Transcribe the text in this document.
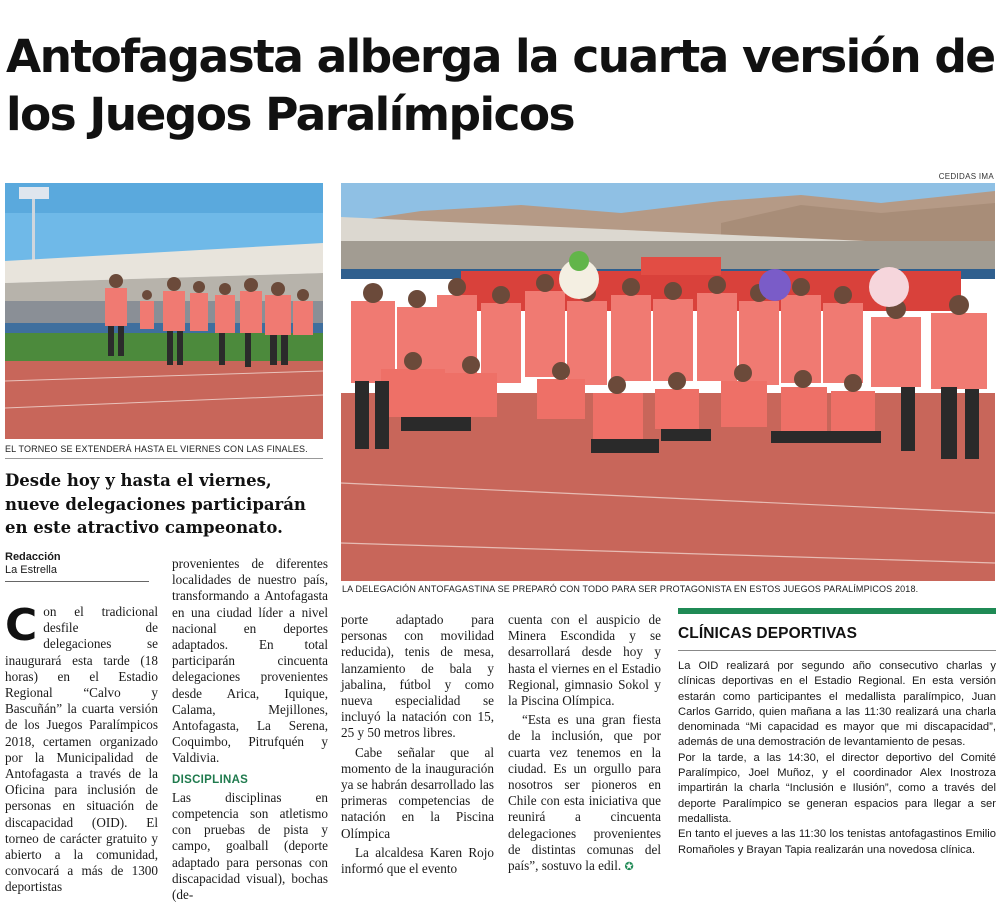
Antofagasta alberga la cuarta versión de los Juegos Paralímpicos
CEDIDAS IMA
EL TORNEO SE EXTENDERÁ HASTA EL VIERNES CON LAS FINALES.
LA DELEGACIÓN ANTOFAGASTINA SE PREPARÓ CON TODO PARA SER PROTAGONISTA EN ESTOS JUEGOS PARALÍMPICOS 2018.
Desde hoy y hasta el viernes, nueve delegaciones participarán en este atractivo campeonato.
Redacción
La Estrella
C on el tradicional desfile de delegaciones se inaugurará esta tarde (18 horas) en el Estadio Regional “Calvo y Bascuñán” la cuarta versión de los Juegos Paralímpicos 2018, certamen organizado por la Municipalidad de Antofagasta a través de la Oficina para inclusión de personas en situación de discapacidad (OID). El torneo de carácter gratuito y abierto a la comunidad, convocará a más de 1300 deportistas

provenientes de diferentes localidades de nuestro país, transformando a Antofagasta en una ciudad líder a nivel nacional en deportes adaptados. En total participarán cincuenta delegaciones provenientes desde Arica, Iquique, Calama, Mejillones, Antofagasta, La Serena, Coquimbo, Pitrufquén y Valdivia.

DISCIPLINAS

Las disciplinas en competencia son atletismo con pruebas de pista y campo, goalball (deporte adaptado para personas con discapacidad visual), bochas (de-

porte adaptado para personas con movilidad reducida), tenis de mesa, lanzamiento de bala y jabalina, fútbol y como nueva especialidad se incluyó la natación con 15, 25 y 50 metros libres.

Cabe señalar que al momento de la inauguración ya se habrán desarrollado las primeras competencias de natación en la Piscina Olímpica

La alcaldesa Karen Rojo informó que el evento

cuenta con el auspicio de Minera Escondida y se desarrollará desde hoy y hasta el viernes en el Estadio Regional, gimnasio Sokol y la Piscina Olímpica.

“Esta es una gran fiesta de la inclusión, que por cuarta vez tenemos en la ciudad. Es un orgullo para nosotros ser pioneros en Chile con esta iniciativa que reunirá a cincuenta delegaciones provenientes de distintas comunas del país”, sostuvo la edil. ✪

CLÍNICAS DEPORTIVAS

La OID realizará por segundo año consecutivo charlas y clínicas deportivas en el Estadio Regional. En esta versión estarán como participantes el medallista paralímpico, Juan Carlos Garrido, quien mañana a las 11:30 realizará una charla denominada “Mi capacidad es mayor que mi discapacidad”, además de una demostración de levantamiento de pesas.

Por la tarde, a las 14:30, el director deportivo del Comité Paralímpico, Joel Muñoz, y el coordinador Alex Inostroza impartirán la charla “Inclusión e Ilusión”, como a través del deporte Paralímpico se generan espacios para llegar a ser medallista.

En tanto el jueves a las 11:30 los tenistas antofagastinos Emilio Romañoles y Brayan Tapia realizarán una novedosa clínica.
